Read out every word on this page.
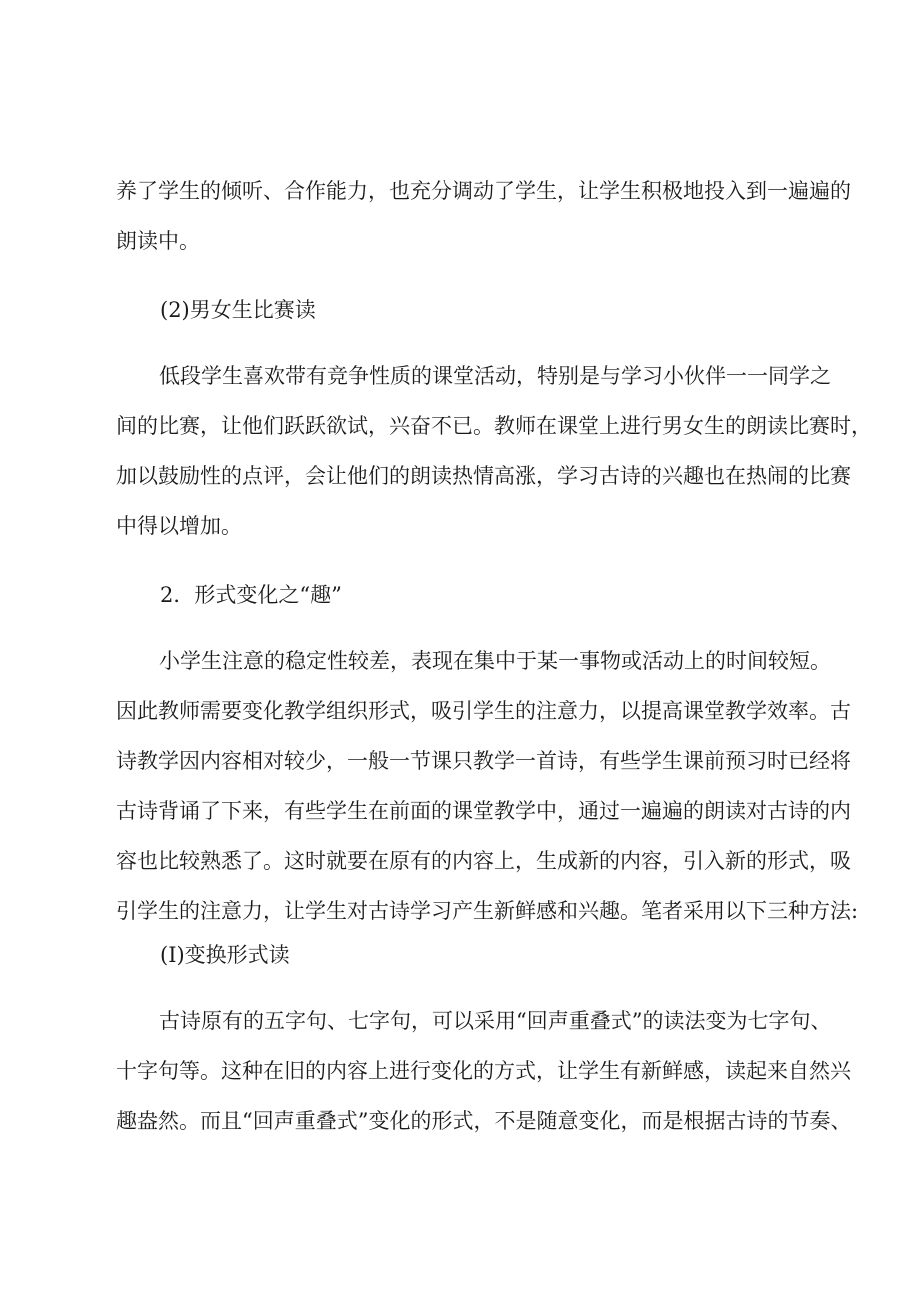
养了学生的倾听、合作能力，也充分调动了学生，让学生积极地投入到一遍遍的
朗读中。
(2)男女生比赛读
低段学生喜欢带有竞争性质的课堂活动，特别是与学习小伙伴一一同学之
间的比赛，让他们跃跃欲试，兴奋不已。教师在课堂上进行男女生的朗读比赛时，
加以鼓励性的点评，会让他们的朗读热情高涨，学习古诗的兴趣也在热闹的比赛
中得以增加。
2．形式变化之“趣”
小学生注意的稳定性较差，表现在集中于某一事物或活动上的时间较短。
因此教师需要变化教学组织形式，吸引学生的注意力，以提高课堂教学效率。古
诗教学因内容相对较少，一般一节课只教学一首诗，有些学生课前预习时已经将
古诗背诵了下来，有些学生在前面的课堂教学中，通过一遍遍的朗读对古诗的内
容也比较熟悉了。这时就要在原有的内容上，生成新的内容，引入新的形式，吸
引学生的注意力，让学生对古诗学习产生新鲜感和兴趣。笔者采用以下三种方法:
(I)变换形式读
古诗原有的五字句、七字句，可以采用“回声重叠式”的读法变为七字句、
十字句等。这种在旧的内容上进行变化的方式，让学生有新鲜感，读起来自然兴
趣盎然。而且“回声重叠式”变化的形式，不是随意变化，而是根据古诗的节奏、
